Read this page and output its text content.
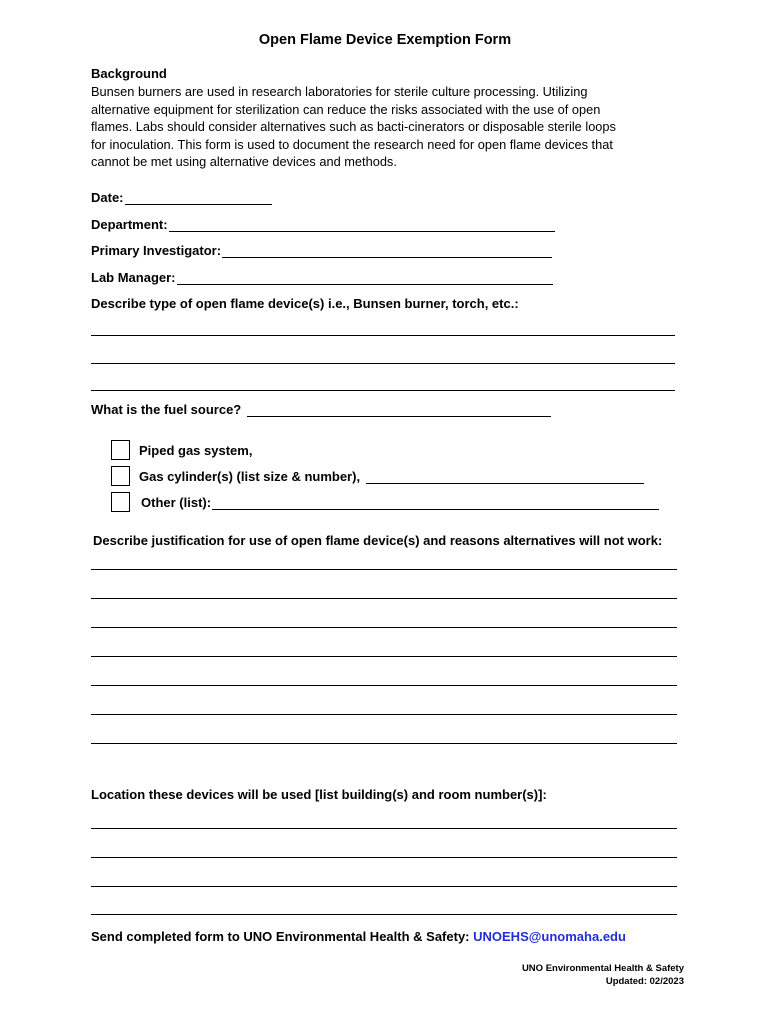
Open Flame Device Exemption Form
Background
Bunsen burners are used in research laboratories for sterile culture processing. Utilizing
alternative equipment for sterilization can reduce the risks associated with the use of open
flames. Labs should consider alternatives such as bacti-cinerators or disposable sterile loops
for inoculation. This form is used to document the research need for open flame devices that
cannot be met using alternative devices and methods.
Date:
Department:
Primary Investigator:
Lab Manager:
Describe type of open flame device(s) i.e., Bunsen burner, torch, etc.:
What is the fuel source?
Piped gas system,
Gas cylinder(s) (list size & number),
Other (list):
Describe justification for use of open flame device(s) and reasons alternatives will not work:
Location these devices will be used [list building(s) and room number(s)]:
Send completed form to UNO Environmental Health & Safety: UNOEHS@unomaha.edu
UNO Environmental Health & Safety
Updated: 02/2023
